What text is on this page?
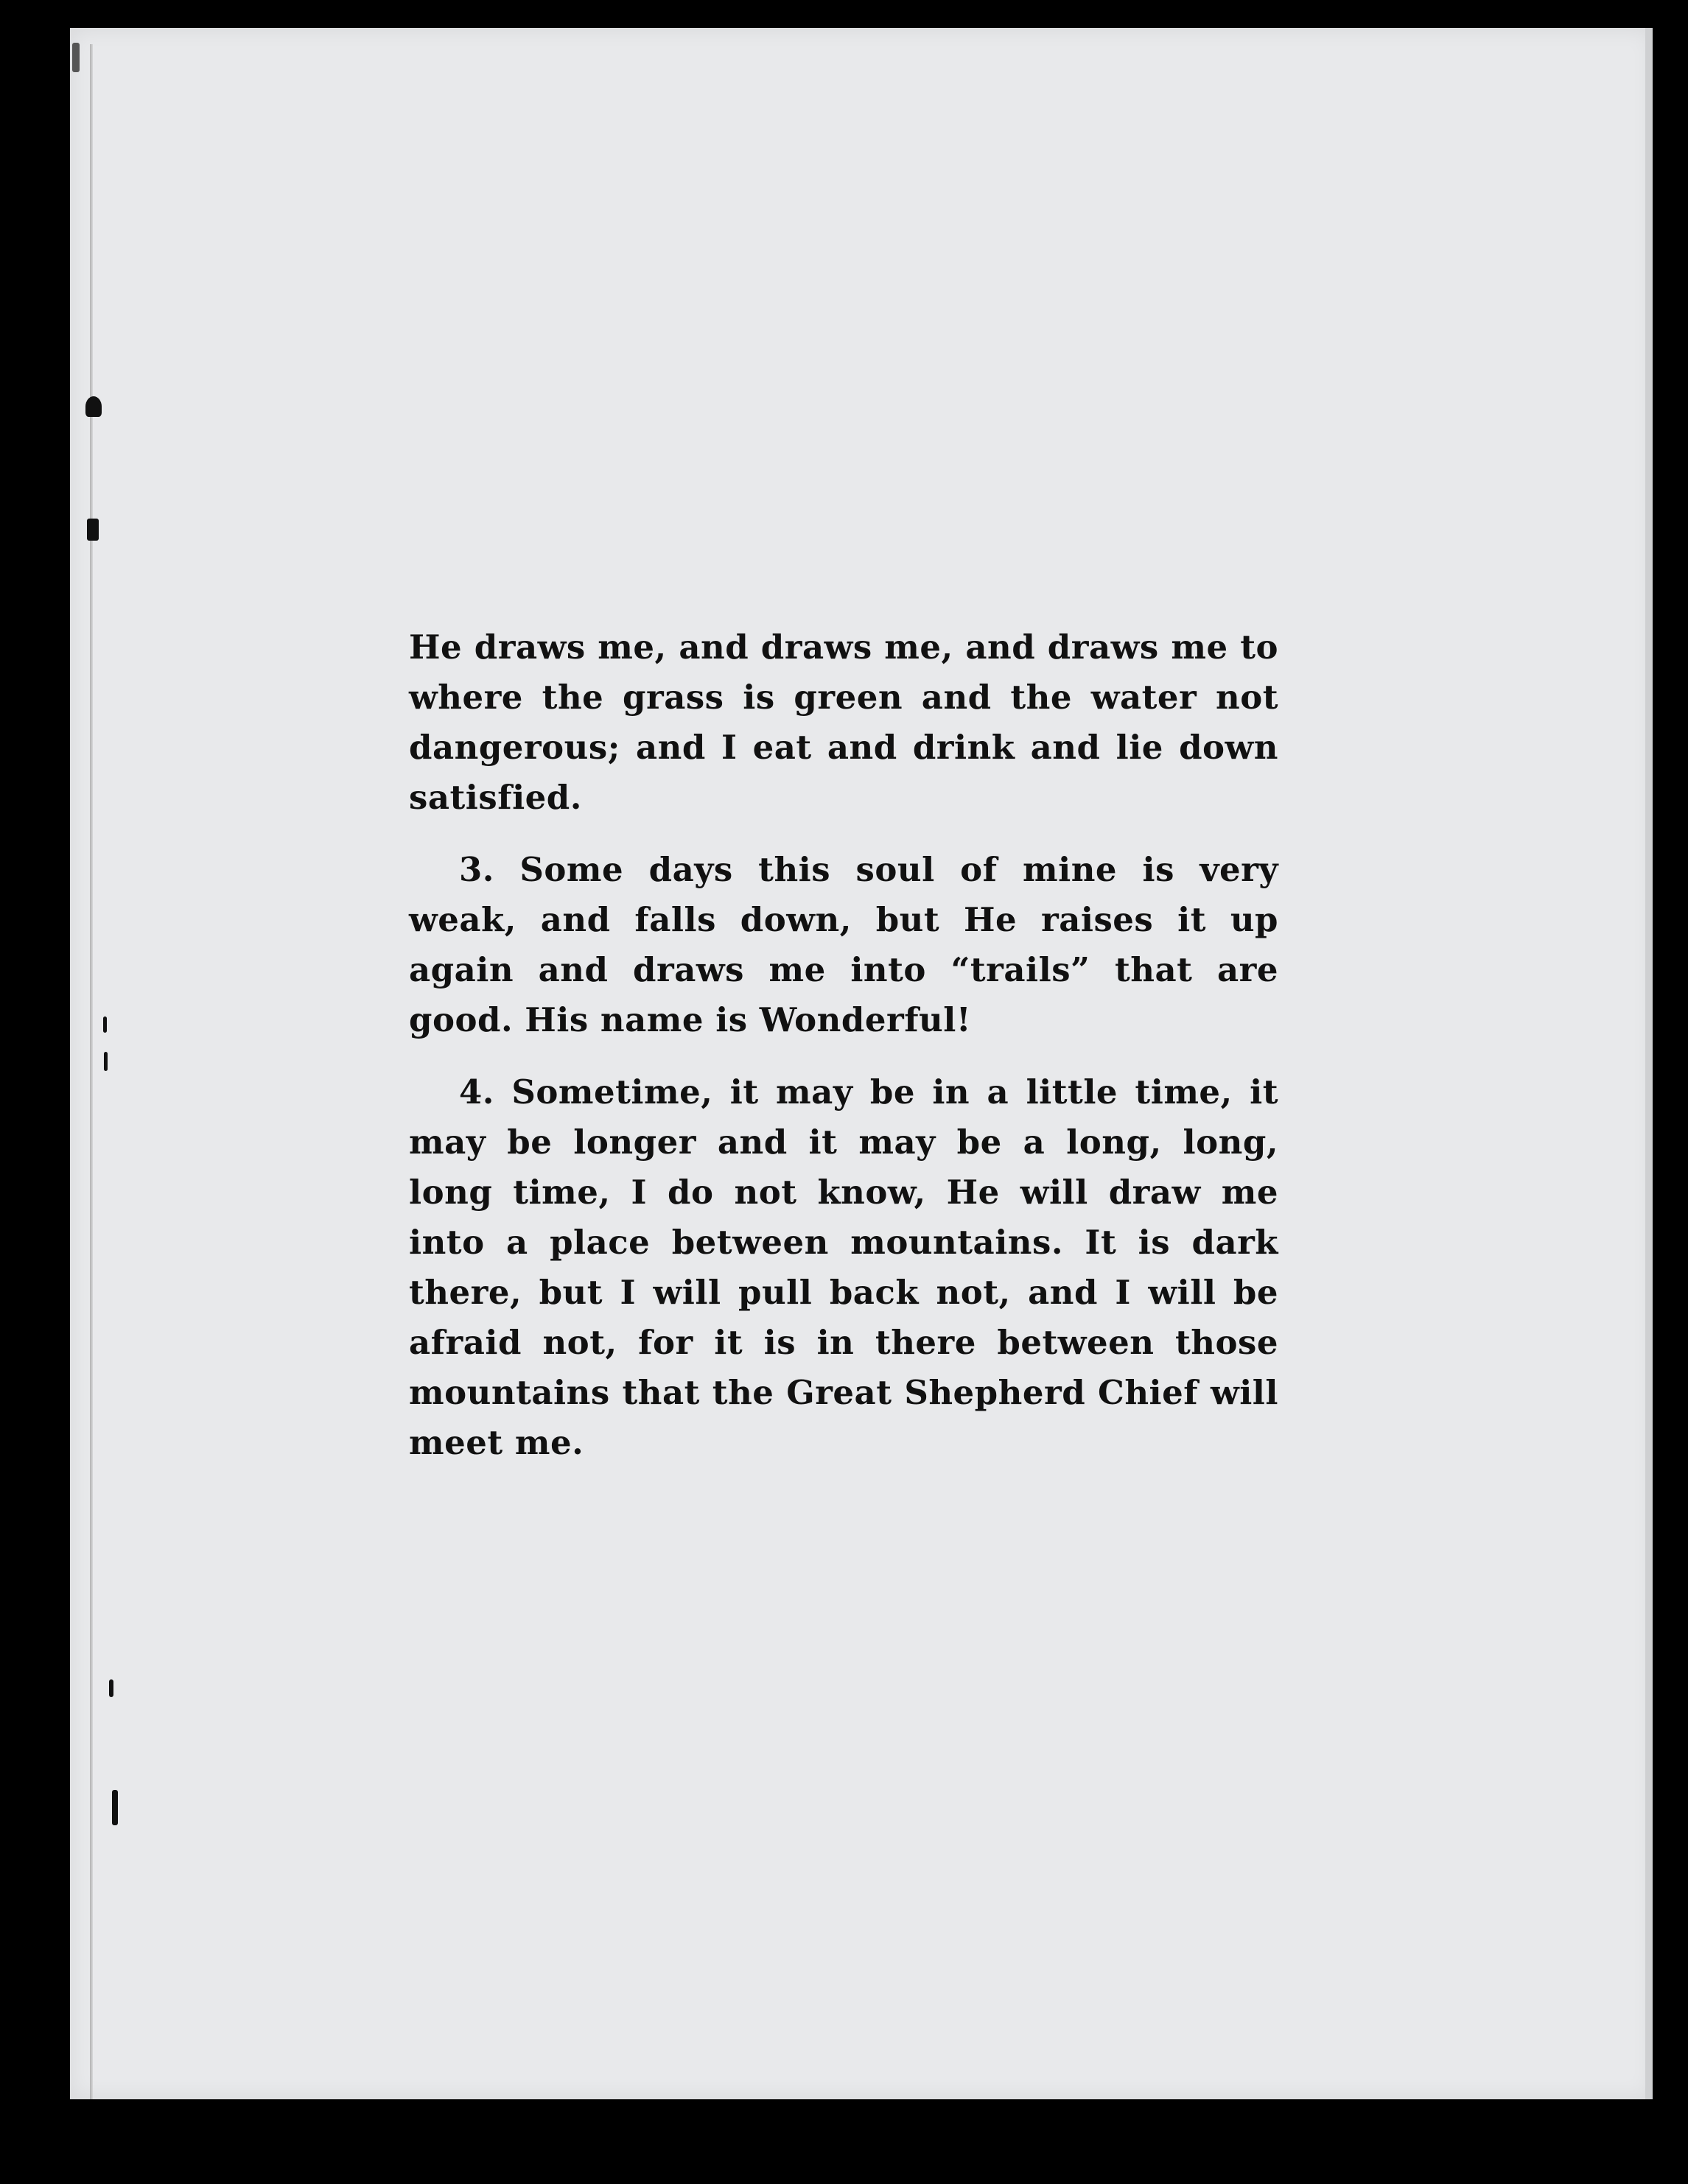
He draws me, and draws me, and draws me to where the grass is green and the water not dangerous; and I eat and drink and lie down satisfied.

3. Some days this soul of mine is very weak, and falls down, but He raises it up again and draws me into “trails” that are good. His name is Wonderful!

4. Sometime, it may be in a little time, it may be longer and it may be a long, long, long time, I do not know, He will draw me into a place between mountains. It is dark there, but I will pull back not, and I will be afraid not, for it is in there between those mountains that the Great Shepherd Chief will meet me.
